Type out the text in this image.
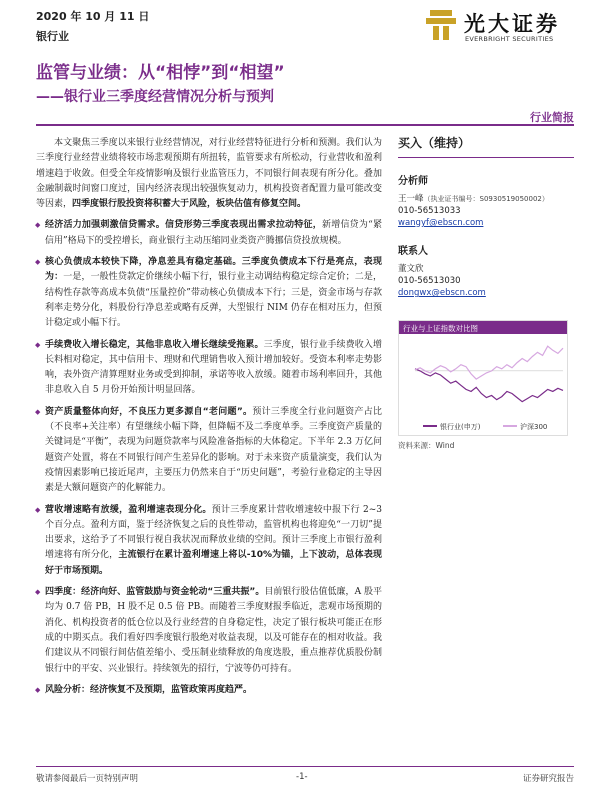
2020 年 10 月 11 日
银行业
光大证券
EVERBRIGHT SECURITIES
监管与业绩：从“相悖”到“相望”
——银行业三季度经营情况分析与预判
行业简报

本文聚焦三季度以来银行业经营情况，对行业经营特征进行分析和预测。我们认为三季度行业经营业绩将较市场悲观预期有所扭转，监管要求有所松动，行业营收和盈利增速趋于收敛。但受全年疫情影响及银行业监管压力，不同银行间表现有所分化。叠加金融制裁时间窗口度过，国内经济表现出较强恢复动力，机构投资者配置力量可能改变等因素，四季度银行股投资将积蓄大于风险，板块估值有修复空间。

◆ 经济活力加强刺激信贷需求。信贷形势三季度表现出需求拉动特征，新增信贷为“紧信用”格局下的受控增长，商业银行主动压缩同业类资产腾挪信贷投放规模。

◆ 核心负债成本较快下降，净息差具有稳定基础。三季度负债成本下行是亮点，表现为：一是，一般性贷款定价继续小幅下行，银行业主动调结构稳定综合定价；二是，结构性存款等高成本负债“压量控价”带动核心负债成本下行；三是，资金市场与存款利率走势分化，料股份行净息差或略有反弹，大型银行 NIM 仍存在相对压力，但预计稳定或小幅下行。

◆ 手续费收入增长稳定，其他非息收入增长继续受拖累。三季度，银行业手续费收入增长料相对稳定，其中信用卡、理财和代理销售收入预计增加较好。受资本利率走势影响，表外资产清算理财业务或受到抑制，承诺等收入放缓。随着市场利率回升，其他非息收入自 5 月份开始预计明显回落。

◆ 资产质量整体向好，不良压力更多源自“老问题”。预计三季度全行业问题资产占比（不良率+关注率）有望继续小幅下降，但降幅不及二季度单季。三季度资产质量的关键词是“平衡”，表现为问题贷款率与风险准备指标的大体稳定。下半年 2.3 万亿问题资产处置，将在不同银行间产生差异化的影响。对于未来资产质量演变，我们认为疫情因素影响已接近尾声，主要压力仍然来自于“历史问题”，考验行业稳定的主导因素是大额问题资产的化解能力。

◆ 营收增速略有放缓，盈利增速表现分化。预计三季度累计营收增速较中报下行 2~3 个百分点。盈利方面，鉴于经济恢复之后的良性带动，监管机构也将迎免“一刀切”提出要求，这给予了不同银行视自我状况而释放业绩的空间。预计三季度上市银行盈利增速将有所分化，主流银行在累计盈利增速上将以-10%为锚，上下波动，总体表现好于市场预期。

◆ 四季度：经济向好、监管鼓励与资金轮动“三重共振”。目前银行股估值低廉，A 股平均为 0.7 倍 PB，H 股不足 0.5 倍 PB。而随着三季度财报季临近，悲观市场预期的消化、机构投资者的低仓位以及行业经营的自身稳定性，决定了银行板块可能正在形成的中期买点。我们看好四季度银行股绝对收益表现，以及可能存在的相对收益。我们建议从不同银行间估值差缩小、受压制业绩释放的角度选股，重点推荐优质股份制银行中的平安、兴业银行。持续领先的招行，宁波等仍可持有。

◆ 风险分析：经济恢复不及预期，监管政策再度趋严。

买入（维持）
分析师
王一峰（执业证书编号：S0930519050002）
010-56513033
wangyf@ebscn.com
联系人
董文欣
010-56513030
dongwx@ebscn.com
行业与上证指数对比图
银行业(申万)	沪深300
资料来源：Wind
敬请参阅最后一页特别声明	-1-	证券研究报告
